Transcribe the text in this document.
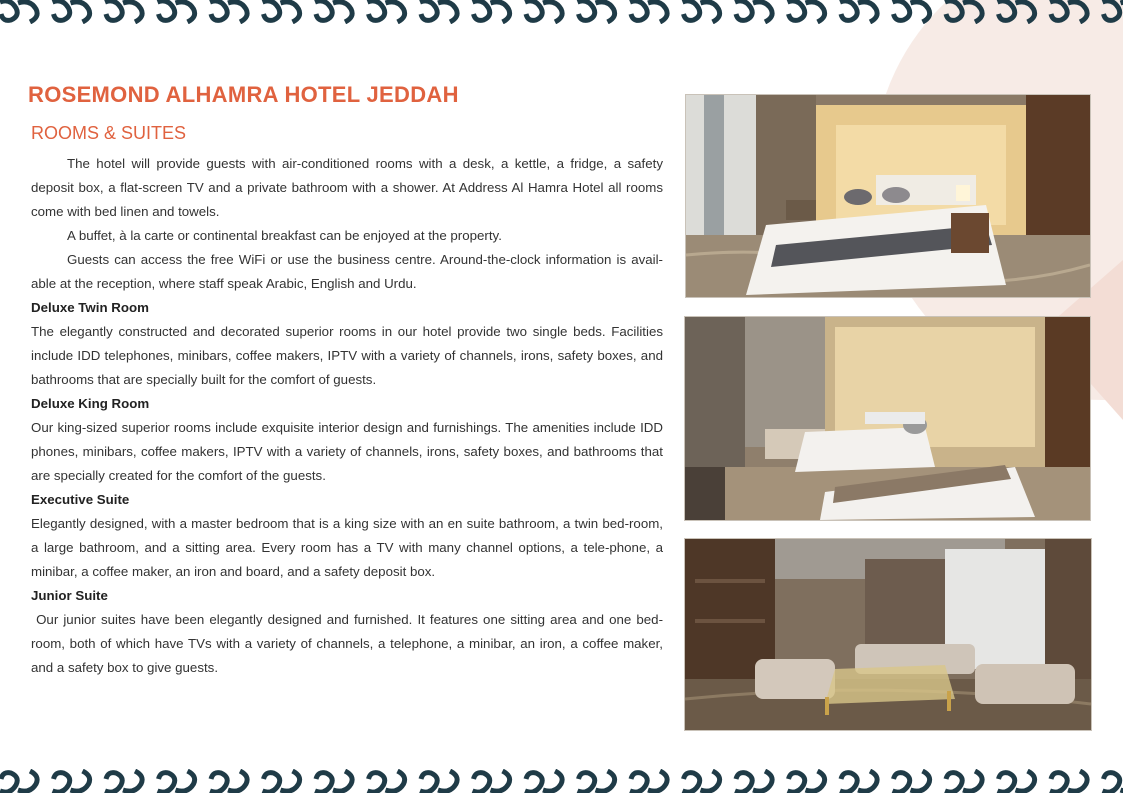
ROSEMOND ALHAMRA HOTEL JEDDAH
ROOMS & SUITES

The hotel will provide guests with air-conditioned rooms with a desk, a kettle, a fridge, a safety deposit box, a flat-screen TV and a private bathroom with a shower. At Address Al Hamra Hotel all rooms come with bed linen and towels.

A buffet, à la carte or continental breakfast can be enjoyed at the property.

Guests can access the free WiFi or use the business centre. Around-the-clock information is avail-able at the reception, where staff speak Arabic, English and Urdu.

Deluxe Twin Room

The elegantly constructed and decorated superior rooms in our hotel provide two single beds. Facilities include IDD telephones, minibars, coffee makers, IPTV with a variety of channels, irons, safety boxes, and bathrooms that are specially built for the comfort of guests.

Deluxe King Room

Our king-sized superior rooms include exquisite interior design and furnishings. The amenities include IDD phones, minibars, coffee makers, IPTV with a variety of channels, irons, safety boxes, and bathrooms that are specially created for the comfort of the guests.

Executive Suite

Elegantly designed, with a master bedroom that is a king size with an en suite bathroom, a twin bed-room, a large bathroom, and a sitting area. Every room has a TV with many channel options, a tele-phone, a minibar, a coffee maker, an iron and board, and a safety deposit box.

Junior Suite

Our junior suites have been elegantly designed and furnished. It features one sitting area and one bed-room, both of which have TVs with a variety of channels, a telephone, a minibar, an iron, a coffee maker, and a safety box to give guests.
